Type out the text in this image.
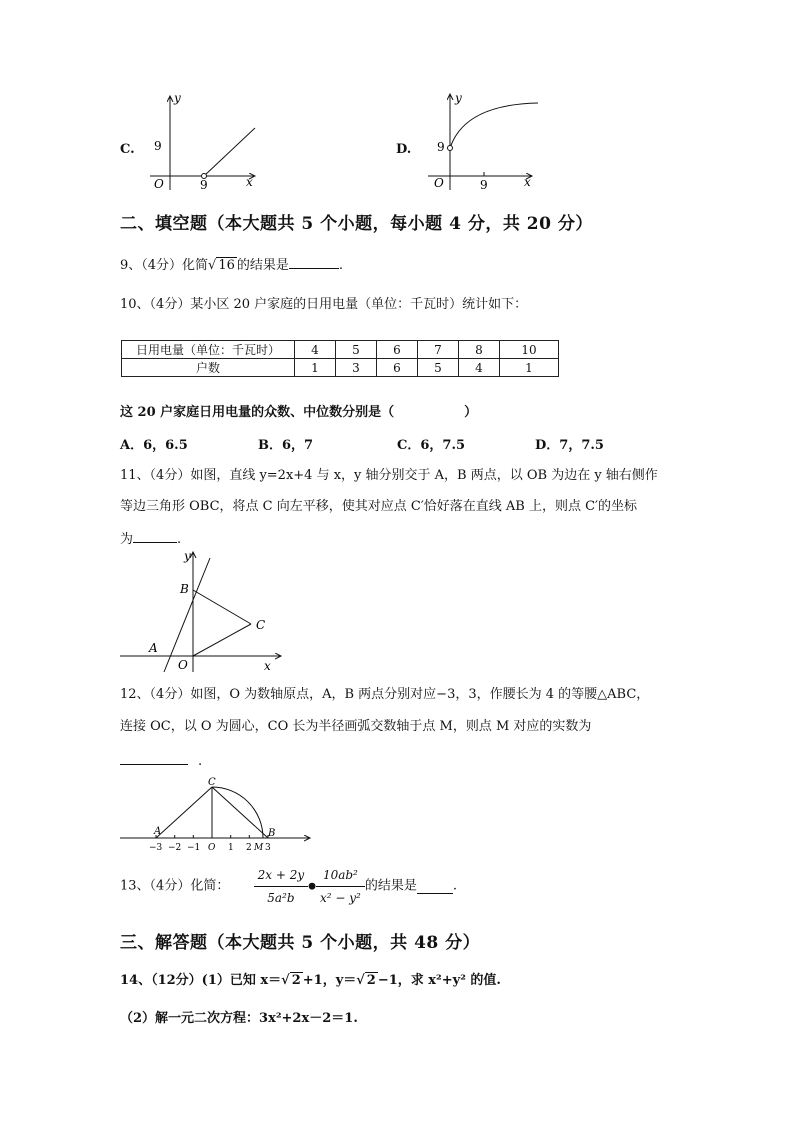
C.
y
x
O
9
9
D.
y
x
O
9
9
二、填空题（本大题共 5 个小题，每小题 4 分，共 20 分）
9、（4分）化简√ 16 的结果是	.
10、（4分）某小区 20 户家庭的日用电量（单位：千瓦时）统计如下：
日用电量（单位：千瓦时）	4	5	6	7	8	10
户数	1	3	6	5	4	1
这 20 户家庭日用电量的众数、中位数分别是（	）
A．6，6.5	B．6，7	C．6，7.5	D．7，7.5
11、（4分）如图，直线 y=2x+4 与 x，y 轴分别交于 A，B 两点，以 OB 为边在 y 轴右侧作
等边三角形 OBC，将点 C 向左平移，使其对应点 C′恰好落在直线 AB 上，则点 C′的坐标
为	.
y
x
B
C
A
O
12、（4分）如图，O 为数轴原点，A，B 两点分别对应−3，3，作腰长为 4 的等腰△ABC，
连接 OC，以 O 为圆心，CO 长为半径画弧交数轴于点 M，则点 M 对应的实数为
.
C
A	B
−3 −2 −1 O 1 2 M 3
13、（4分）化简： $\frac{2x + 2y}{\text{5a²b}}$ ● $\frac{\text{10ab²}}{\text{x² − y²}}$ 的结果是	.
三、解答题（本大题共 5 个小题，共 48 分）
14、（12分）(1）已知 x＝√ 2 +1，y＝√ 2 −1，求 x²+y² 的值.
（2）解一元二次方程：3x²+2x－2＝1.
